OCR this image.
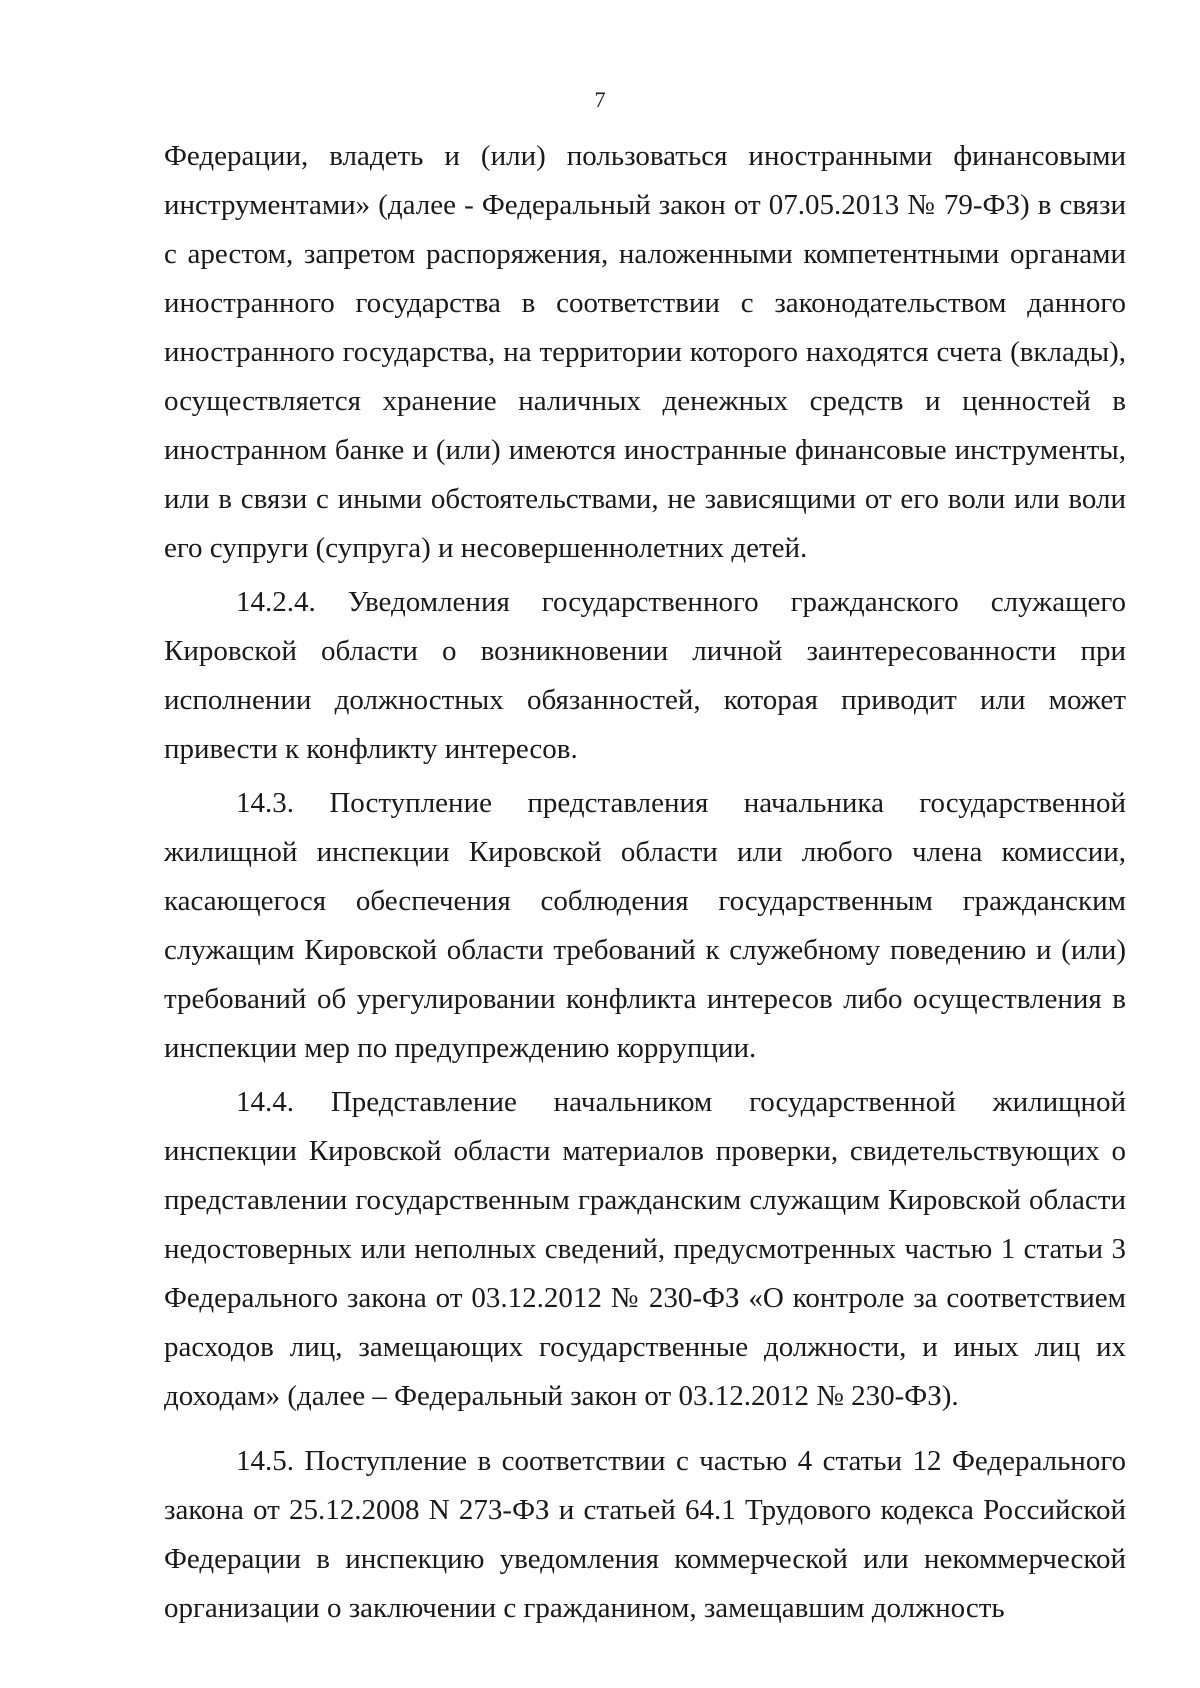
7

Федерации, владеть и (или) пользоваться иностранными финансовыми инструментами» (далее - Федеральный закон от 07.05.2013 № 79-ФЗ) в связи с арестом, запретом распоряжения, наложенными компетентными органами иностранного государства в соответствии с законодательством данного иностранного государства, на территории которого находятся счета (вклады), осуществляется хранение наличных денежных средств и ценностей в иностранном банке и (или) имеются иностранные финансовые инструменты, или в связи с иными обстоятельствами, не зависящими от его воли или воли его супруги (супруга) и несовершеннолетних детей.

14.2.4. Уведомления государственного гражданского служащего Кировской области о возникновении личной заинтересованности при исполнении должностных обязанностей, которая приводит или может привести к конфликту интересов.

14.3. Поступление представления начальника государственной жилищной инспекции Кировской области или любого члена комиссии, касающегося обеспечения соблюдения государственным гражданским служащим Кировской области требований к служебному поведению и (или) требований об урегулировании конфликта интересов либо осуществления в инспекции мер по предупреждению коррупции.

14.4. Представление начальником государственной жилищной инспекции Кировской области материалов проверки, свидетельствующих о представлении государственным гражданским служащим Кировской области недостоверных или неполных сведений, предусмотренных частью 1 статьи 3 Федерального закона от 03.12.2012 № 230-ФЗ «О контроле за соответствием расходов лиц, замещающих государственные должности, и иных лиц их доходам» (далее – Федеральный закон от 03.12.2012 № 230-ФЗ).

14.5. Поступление в соответствии с частью 4 статьи 12 Федерального закона от 25.12.2008 N 273-ФЗ и статьей 64.1 Трудового кодекса Российской Федерации в инспекцию уведомления коммерческой или некоммерческой организации о заключении с гражданином, замещавшим должность
